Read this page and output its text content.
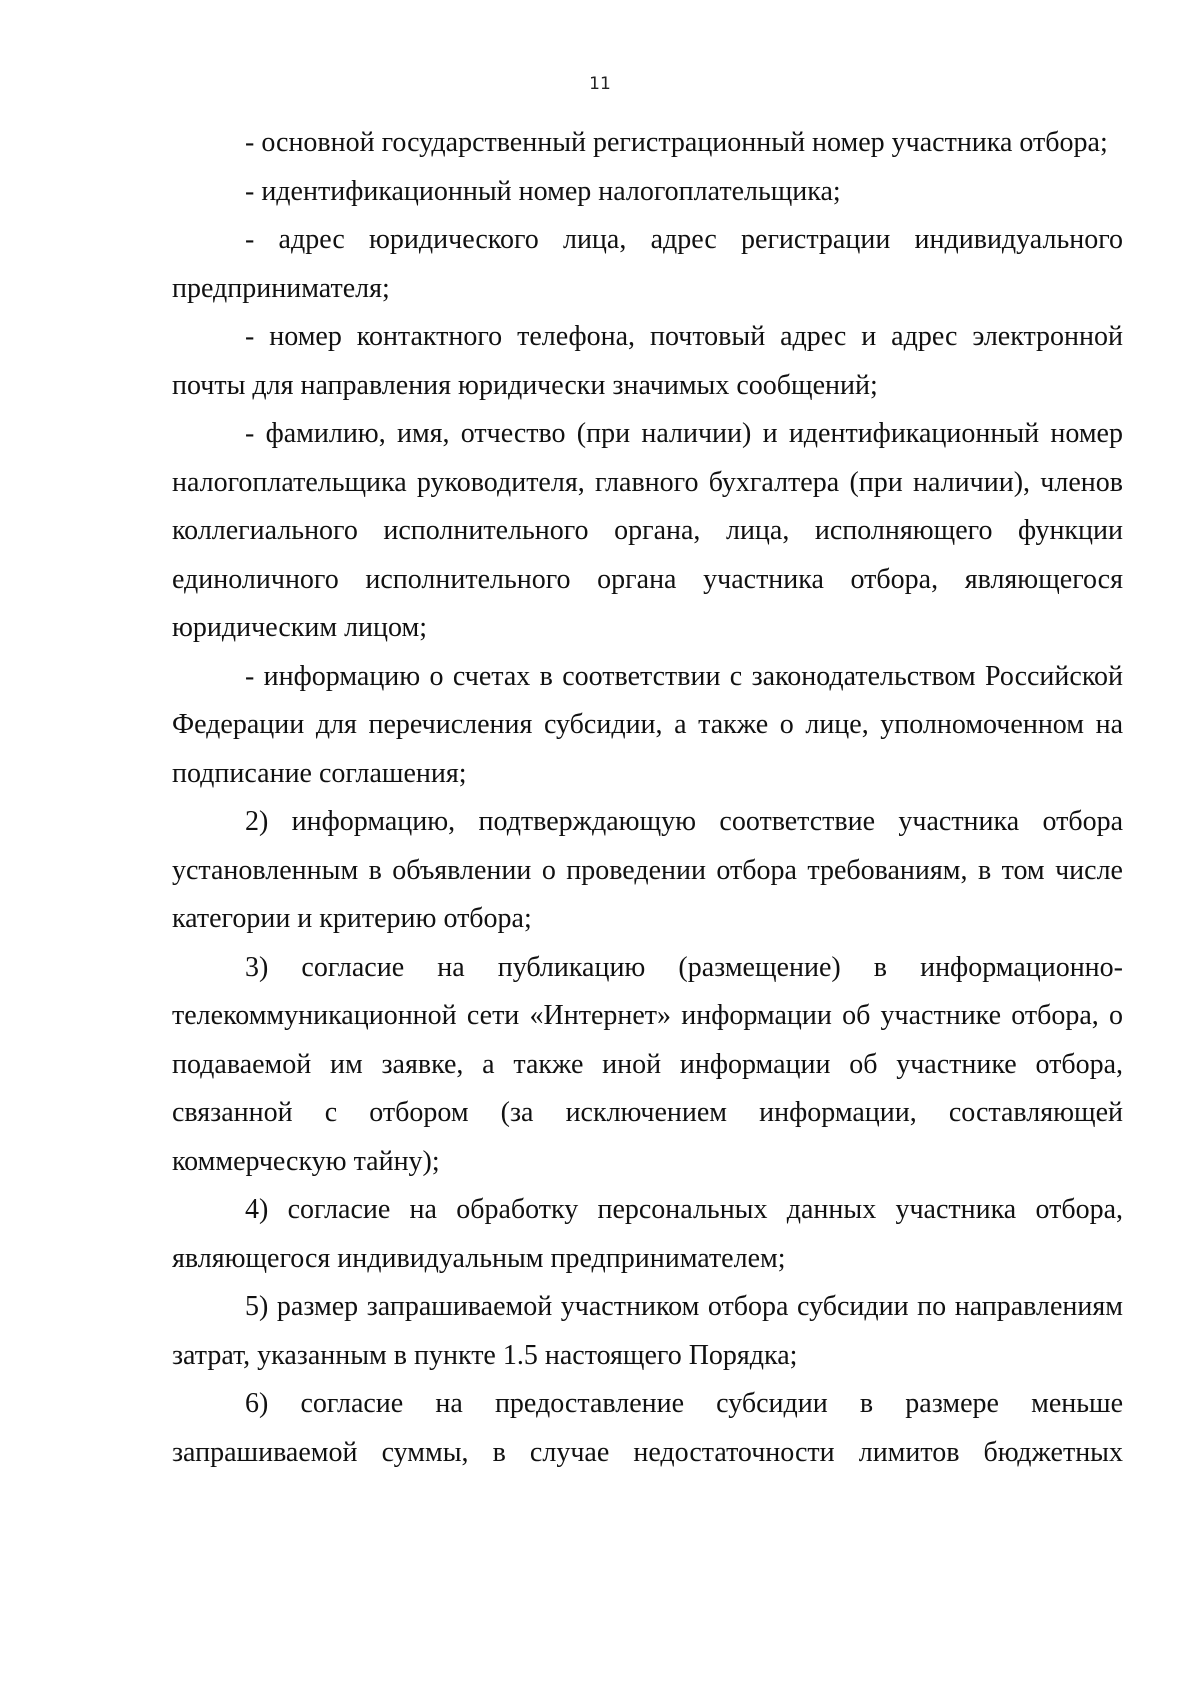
11

- основной государственный регистрационный номер участника отбора;

- идентификационный номер налогоплательщика;

- адрес юридического лица, адрес регистрации индивидуального предпринимателя;

- номер контактного телефона, почтовый адрес и адрес электронной почты для направления юридически значимых сообщений;

- фамилию, имя, отчество (при наличии) и идентификационный номер налогоплательщика руководителя, главного бухгалтера (при наличии), членов коллегиального исполнительного органа, лица, исполняющего функции единоличного исполнительного органа участника отбора, являющегося юридическим лицом;

- информацию о счетах в соответствии с законодательством Российской Федерации для перечисления субсидии, а также о лице, уполномоченном на подписание соглашения;

2) информацию, подтверждающую соответствие участника отбора установленным в объявлении о проведении отбора требованиям, в том числе категории и критерию отбора;

3) согласие на публикацию (размещение) в информационно-телекоммуникационной сети «Интернет» информации об участнике отбора, о подаваемой им заявке, а также иной информации об участнике отбора, связанной с отбором (за исключением информации, составляющей коммерческую тайну);

4) согласие на обработку персональных данных участника отбора, являющегося индивидуальным предпринимателем;

5) размер запрашиваемой участником отбора субсидии по направлениям затрат, указанным в пункте 1.5 настоящего Порядка;

6) согласие на предоставление субсидии в размере меньше запрашиваемой суммы, в случае недостаточности лимитов бюджетных
